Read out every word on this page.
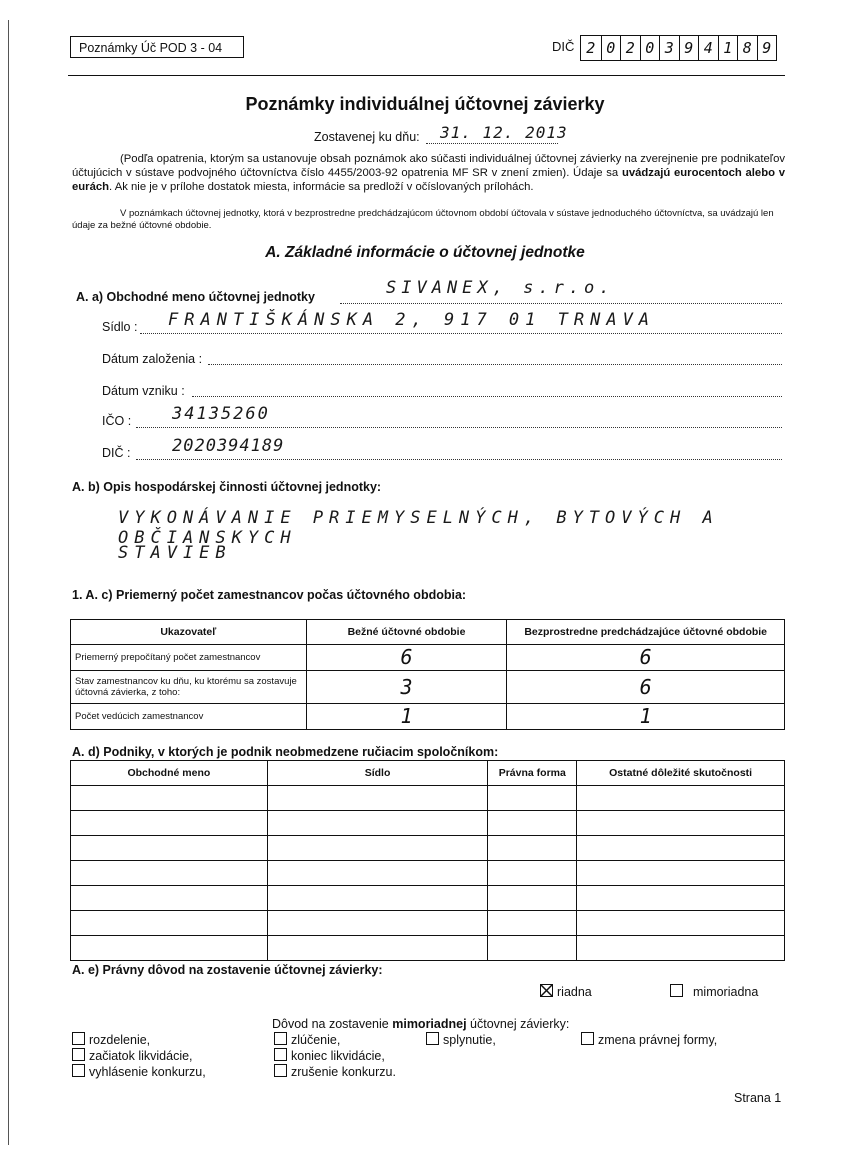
Poznámky Úč POD 3 - 04	DIČ 2 0 2 0 3 9 4 1 8 9
Poznámky individuálnej účtovnej závierky
Zostavenej ku dňu: 31. 12. 2013
(Podľa opatrenia, ktorým sa ustanovuje obsah poznámok ako súčasti individuálnej účtovnej závierky na zverejnenie pre podnikateľov účtujúcich v sústave podvojného účtovníctva číslo 4455/2003-92 opatrenia MF SR v znení zmien). Údaje sa uvádzajú eurocentoch alebo v eurách. Ak nie je v prílohe dostatok miesta, informácie sa predloží v očíslovaných prílohách.
V poznámkach účtovnej jednotky, ktorá v bezprostredne predchádzajúcom účtovnom období účtovala v sústave jednoduchého účtovníctva, sa uvádzajú len údaje za bežné účtovné obdobie.
A. Základné informácie o účtovnej jednotke
A. a) Obchodné meno účtovnej jednotky	SIVANEX, s.r.o.
Sídlo : FRANTIŠKÁNSKA 2, 917 01 TRNAVA
Dátum založenia :
Dátum vzniku :
IČO : 34135260
DIČ : 2020394189
A. b) Opis hospodárskej činnosti účtovnej jednotky:
VYKONÁVANIE PRIEMYSELNÝCH, BYTOVÝCH A OBČIANSKYCH
STAVIEB
1. A. c) Priemerný počet zamestnancov počas účtovného obdobia:
Ukazovateľ	Bežné účtovné obdobie	Bezprostredne predchádzajúce účtovné obdobie
Priemerný prepočítaný počet zamestnancov	6	6
Stav zamestnancov ku dňu, ku ktorému sa zostavuje účtovná závierka, z toho:	3	6
Počet vedúcich zamestnancov	1	1
A. d) Podniky, v ktorých je podnik neobmedzene ručiacim spoločníkom:
Obchodné meno	Sídlo	Právna forma	Ostatné dôležité skutočnosti

A. e) Právny dôvod na zostavenie účtovnej závierky:
riadna	mimoriadna
Dôvod na zostavenie mimoriadnej účtovnej závierky:
rozdelenie,
začiatok likvidácie,
vyhlásenie konkurzu,
zlúčenie,
koniec likvidácie,
zrušenie konkurzu.
splynutie,	zmena právnej formy,
Strana 1
